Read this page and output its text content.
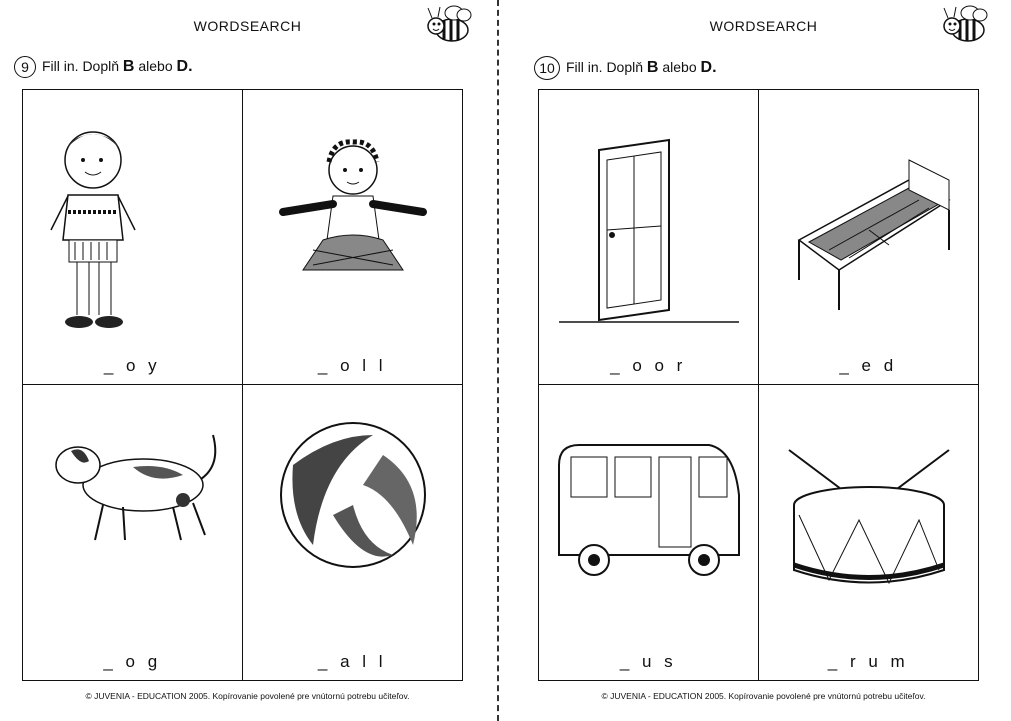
WORDSEARCH
9 Fill in. Doplň B alebo D.
_ o y	_ o l l
_ o g	_ a l l
© JUVENIA - EDUCATION 2005. Kopírovanie povolené pre vnútornú potrebu učiteľov.
WORDSEARCH
10 Fill in. Doplň B alebo D.
_ o o r	_ e d
_ u s	_ r u m
© JUVENIA - EDUCATION 2005. Kopírovanie povolené pre vnútornú potrebu učiteľov.
